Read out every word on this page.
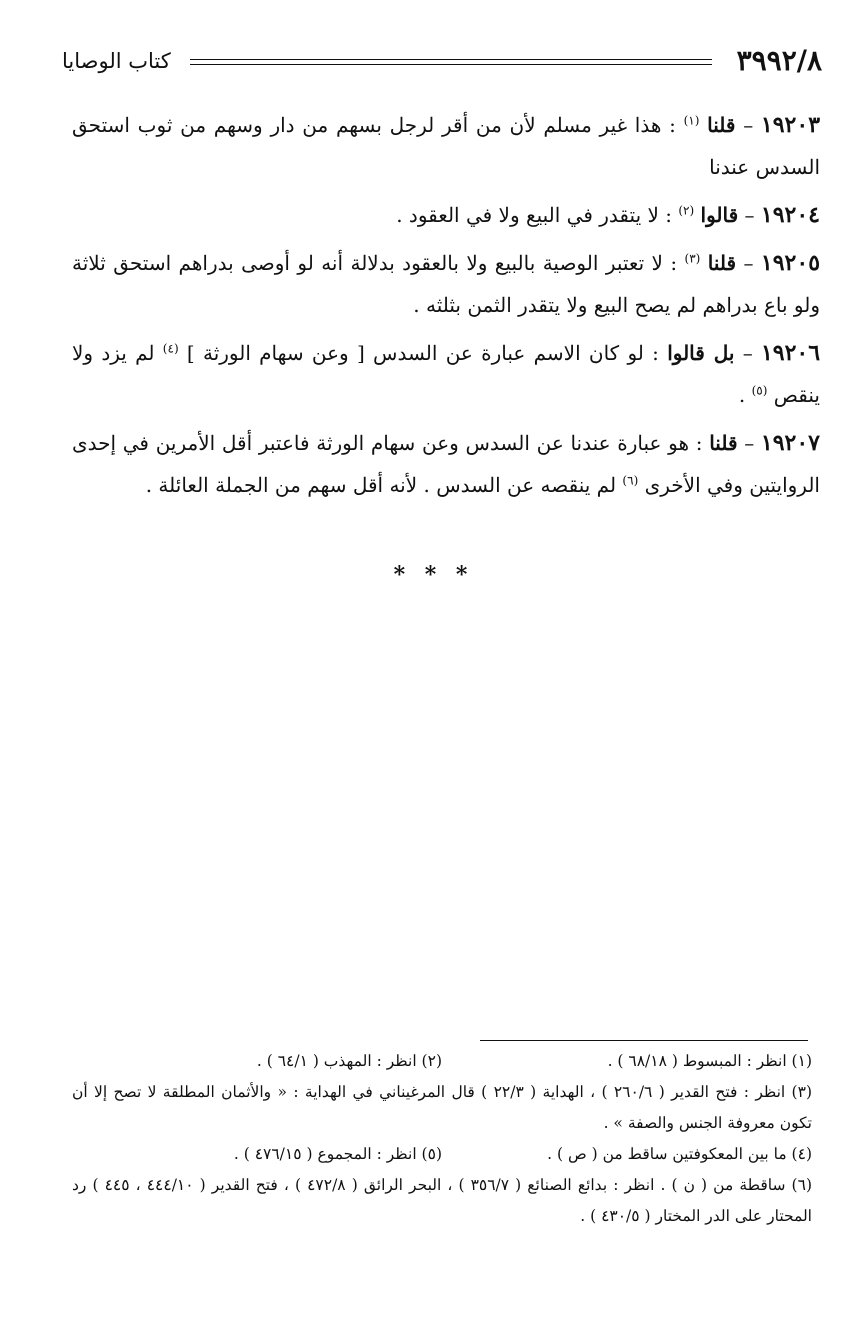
٣٩٩٢/٨
كتاب الوصايا

١٩٢٠٣ – قلنا $^{(١)}$ : هذا غير مسلم لأن من أقر لرجل بسهم من دار وسهم من ثوب استحق السدس عندنا

١٩٢٠٤ – قالوا $^{(٢)}$ : لا يتقدر في البيع ولا في العقود .

١٩٢٠٥ – قلنا $^{(٣)}$ : لا تعتبر الوصية بالبيع ولا بالعقود بدلالة أنه لو أوصى بدراهم استحق ثلاثة ولو باع بدراهم لم يصح البيع ولا يتقدر الثمن بثلثه .

١٩٢٠٦ – بل قالوا : لو كان الاسم عبارة عن السدس [ وعن سهام الورثة ] $^{(٤)}$ لم يزد ولا ينقص $^{(٥)}$ .

١٩٢٠٧ – قلنا : هو عبارة عندنا عن السدس وعن سهام الورثة فاعتبر أقل الأمرين في إحدى الروايتين وفي الأخرى $^{(٦)}$ لم ينقصه عن السدس . لأنه أقل سهم من الجملة العائلة .

* * *
(١) انظر : المبسوط ( ٦٨/١٨ ) .
(٢) انظر : المهذب ( ٦٤/١ ) .
(٣) انظر : فتح القدير ( ٢٦٠/٦ ) ، الهداية ( ٢٢/٣ ) قال المرغيناني في الهداية : « والأثمان المطلقة لا تصح إلا أن تكون معروفة الجنس والصفة » .
(٤) ما بين المعكوفتين ساقط من ( ص ) .
(٥) انظر : المجموع ( ٤٧٦/١٥ ) .
(٦) ساقطة من ( ن ) . انظر : بدائع الصنائع ( ٣٥٦/٧ ) ، البحر الرائق ( ٤٧٢/٨ ) ، فتح القدير ( ٤٤٤/١٠ ، ٤٤٥ ) رد المحتار على الدر المختار ( ٤٣٠/٥ ) .
